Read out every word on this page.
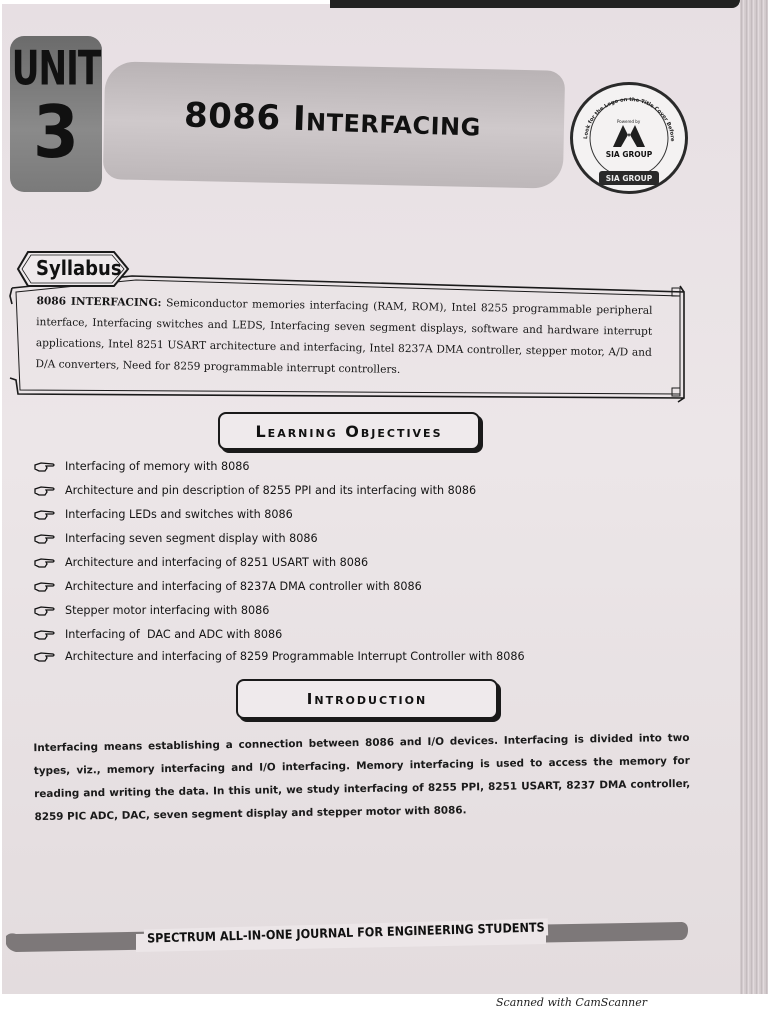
UNIT
3	8086 Interfacing	Look for the Logo on the Title Cover Before
Powered by
SIA GROUP
SIA GROUP
Syllabus
8086 INTERFACING: Semiconductor memories interfacing (RAM, ROM), Intel 8255 programmable peripheral interface, Interfacing switches and LEDS, Interfacing seven segment displays, software and hardware interrupt applications, Intel 8251 USART architecture and interfacing, Intel 8237A DMA controller, stepper motor, A/D and D/A converters, Need for 8259 programmable interrupt controllers.
Learning Objectives
Interfacing of memory with 8086
Architecture and pin description of 8255 PPI and its interfacing with 8086
Interfacing LEDs and switches with 8086
Interfacing seven segment display with 8086
Architecture and interfacing of 8251 USART with 8086
Architecture and interfacing of 8237A DMA controller with 8086
Stepper motor interfacing with 8086
Interfacing of  DAC and ADC with 8086
Architecture and interfacing of 8259 Programmable Interrupt Controller with 8086
Introduction
Interfacing means establishing a connection between 8086 and I/O devices. Interfacing is divided into two types, viz., memory interfacing and I/O interfacing. Memory interfacing is used to access the memory for reading and writing the data. In this unit, we study interfacing of 8255 PPI, 8251 USART, 8237 DMA controller, 8259 PIC ADC, DAC, seven segment display and stepper motor with 8086.
SPECTRUM ALL-IN-ONE JOURNAL FOR ENGINEERING STUDENTS
Scanned with CamScanner
